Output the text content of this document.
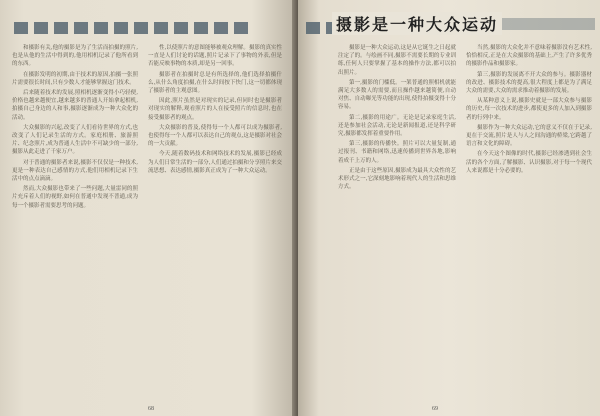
和摄影有关,他的摄影是为了生活而拍摄的照片,也是从他的生活中得到的,他用相机记录了他所看到的东西。

在摄影发明的初期,由于技术的原因,拍摄一张照片需要很长时间,只有少数人才能够掌握这门技术。

后来随着技术的发展,照相机逐渐变得小巧轻便,价格也越来越便宜,越来越多的普通人开始拿起相机,拍摄自己身边的人和事,摄影逐渐成为一种大众化的活动。

大众摄影的兴起,改变了人们看待世界的方式,也改变了人们记录生活的方式。家庭相册、旅游照片、纪念照片,成为普通人生活中不可缺少的一部分,摄影从此走进了千家万户。

对于普通的摄影者来说,摄影不仅仅是一种技术,更是一种表达自己感情的方式,他们用相机记录下生活中的点点滴滴。

然而,大众摄影也带来了一些问题,大量雷同的照片充斥着人们的视野,如何在普通中发现不普通,成为每一个摄影者需要思考的问题。

性,以使照片的意图能够被观众理解。摄影的真实性一直是人们讨论的话题,照片记录下了事物的外表,但是否能反映事物的本质,却是另一回事。

摄影者在拍摄时总是有所选择的,他们选择拍摄什么,从什么角度拍摄,在什么时间按下快门,这一切都体现了摄影者的主观意图。

因此,照片虽然是对现实的记录,但同时也是摄影者对现实的解释,观看照片的人在接受照片的信息时,也在接受摄影者的观点。

大众摄影的普及,使得每一个人都可以成为摄影者,也使得每一个人都可以表达自己的观点,这是摄影对社会的一大贡献。

今天,随着数码技术和网络技术的发展,摄影已经成为人们日常生活的一部分,人们通过拍摄和分享照片来交流思想、表达感情,摄影真正成为了一种大众运动。

68

摄影是一种大众运动,这是从它诞生之日起就注定了的。与绘画不同,摄影不需要长期的专业训练,任何人只要掌握了基本的操作方法,都可以拍出照片。

第一,摄影的门槛低。一架普通的照相机就能满足大多数人的需要,而且操作越来越简便,自动对焦、自动曝光等功能的出现,使得拍摄变得十分容易。

第二,摄影的用途广。无论是记录家庭生活,还是参加社会活动,无论是新闻报道,还是科学研究,摄影都发挥着重要作用。

第三,摄影的传播快。照片可以大量复制,通过报刊、书籍和网络,迅速传播到世界各地,影响着成千上万的人。

正是由于这些原因,摄影成为最具大众性的艺术形式之一,它深刻地影响着现代人的生活和思维方式。

当然,摄影的大众化并不意味着摄影没有艺术性,恰恰相反,正是在大众摄影的基础上,产生了许多优秀的摄影作品和摄影家。

第三,摄影的发展离不开大众的参与。摄影器材的改进、摄影技术的提高,很大程度上都是为了满足大众的需要,大众的需求推动着摄影的发展。

从某种意义上说,摄影史就是一部大众参与摄影的历史,每一次技术的进步,都使更多的人加入到摄影者的行列中来。

摄影作为一种大众运动,它的意义不仅在于记录,更在于交流,照片是人与人之间沟通的桥梁,它跨越了语言和文化的障碍。

在今天这个图像的时代,摄影已经渗透到社会生活的各个方面,了解摄影、认识摄影,对于每一个现代人来说都是十分必要的。

69
摄影是一种大众运动
